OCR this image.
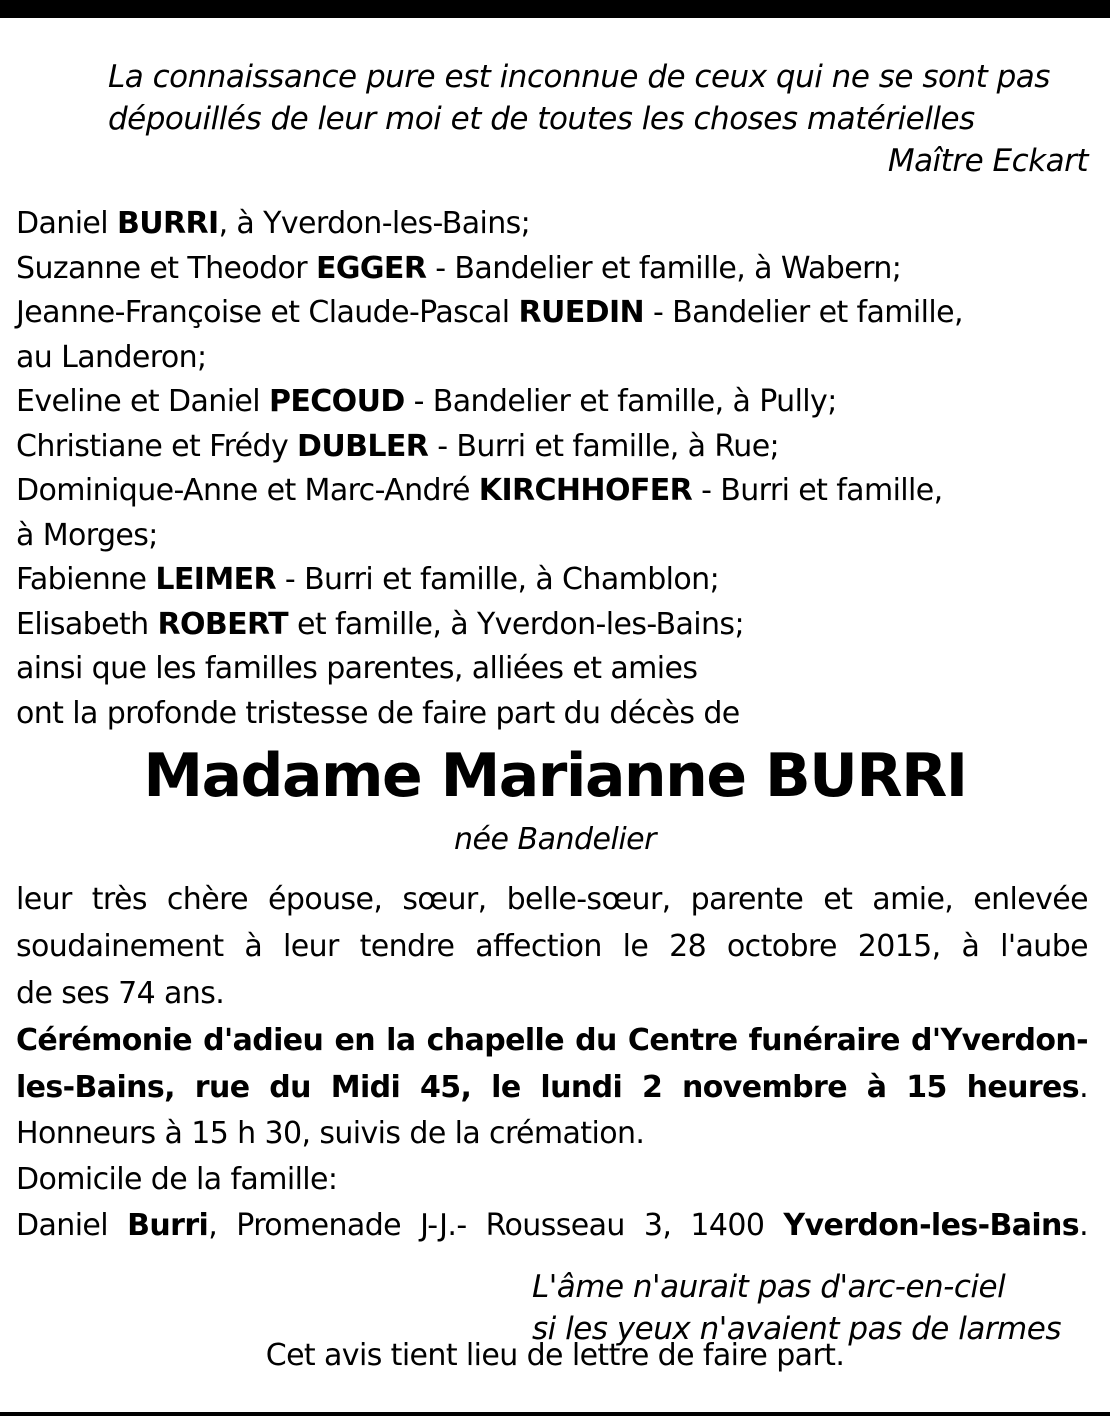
La connaissance pure est inconnue de ceux qui ne se sont pas
dépouillés de leur moi et de toutes les choses matérielles
Maître Eckart
Daniel BURRI, à Yverdon-les-Bains;
Suzanne et Theodor EGGER - Bandelier et famille, à Wabern;
Jeanne-Françoise et Claude-Pascal RUEDIN - Bandelier et famille,
au Landeron;
Eveline et Daniel PECOUD - Bandelier et famille, à Pully;
Christiane et Frédy DUBLER - Burri et famille, à Rue;
Dominique-Anne et Marc-André KIRCHHOFER - Burri et famille,
à Morges;
Fabienne LEIMER - Burri et famille, à Chamblon;
Elisabeth ROBERT et famille, à Yverdon-les-Bains;
ainsi que les familles parentes, alliées et amies
ont la profonde tristesse de faire part du décès de
Madame Marianne BURRI
née Bandelier
leur très chère épouse, sœur, belle-sœur, parente et amie, enlevée
soudainement à leur tendre affection le 28 octobre 2015, à l'aube
de ses 74 ans.
Cérémonie d'adieu en la chapelle du Centre funéraire d'Yverdon-
les-Bains, rue du Midi 45, le lundi 2 novembre à 15 heures.
Honneurs à 15 h 30, suivis de la crémation.
Domicile de la famille:
Daniel Burri, Promenade J-J.- Rousseau 3, 1400 Yverdon-les-Bains.
L'âme n'aurait pas d'arc-en-ciel
si les yeux n'avaient pas de larmes
Cet avis tient lieu de lettre de faire part.
